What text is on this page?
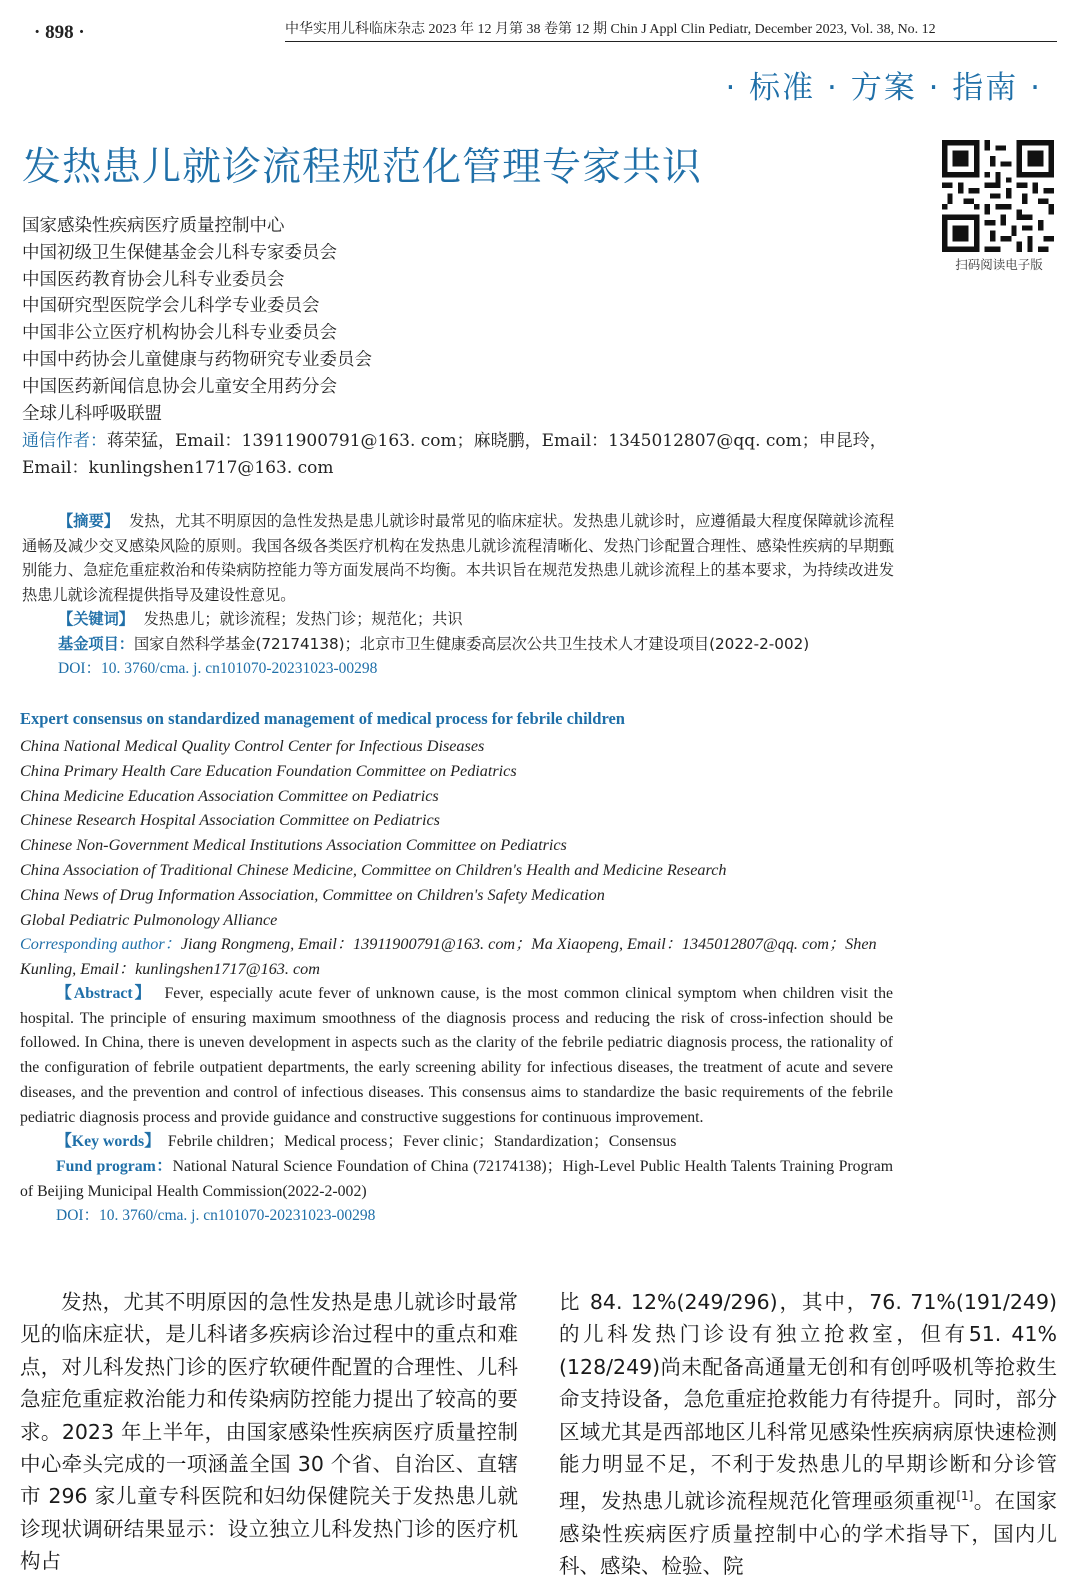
· 898 ·	中华实用儿科临床杂志 2023 年 12 月第 38 卷第 12 期 Chin J Appl Clin Pediatr, December 2023, Vol. 38, No. 12
· 标准 · 方案 · 指南 ·
发热患儿就诊流程规范化管理专家共识
扫码阅读电子版
国家感染性疾病医疗质量控制中心
中国初级卫生保健基金会儿科专家委员会
中国医药教育协会儿科专业委员会
中国研究型医院学会儿科学专业委员会
中国非公立医疗机构协会儿科专业委员会
中国中药协会儿童健康与药物研究专业委员会
中国医药新闻信息协会儿童安全用药分会
全球儿科呼吸联盟
通信作者：蒋荣猛，Email：13911900791@163. com；麻晓鹏，Email：1345012807@qq. com；申昆玲，Email：kunlingshen1717@163. com
【摘要】 发热，尤其不明原因的急性发热是患儿就诊时最常见的临床症状。发热患儿就诊时，应遵循最大程度保障就诊流程通畅及减少交叉感染风险的原则。我国各级各类医疗机构在发热患儿就诊流程清晰化、发热门诊配置合理性、感染性疾病的早期甄别能力、急症危重症救治和传染病防控能力等方面发展尚不均衡。本共识旨在规范发热患儿就诊流程上的基本要求，为持续改进发热患儿就诊流程提供指导及建设性意见。
【关键词】 发热患儿；就诊流程；发热门诊；规范化；共识
基金项目：国家自然科学基金(72174138)；北京市卫生健康委高层次公共卫生技术人才建设项目(2022-2-002)
DOI：10. 3760/cma. j. cn101070-20231023-00298
Expert consensus on standardized management of medical process for febrile children
China National Medical Quality Control Center for Infectious Diseases
China Primary Health Care Education Foundation Committee on Pediatrics
China Medicine Education Association Committee on Pediatrics
Chinese Research Hospital Association Committee on Pediatrics
Chinese Non-Government Medical Institutions Association Committee on Pediatrics
China Association of Traditional Chinese Medicine, Committee on Children's Health and Medicine Research
China News of Drug Information Association, Committee on Children's Safety Medication
Global Pediatric Pulmonology Alliance
Corresponding author：Jiang Rongmeng, Email：13911900791@163. com；Ma Xiaopeng, Email：1345012807@qq. com；Shen Kunling, Email：kunlingshen1717@163. com
【Abstract】 Fever, especially acute fever of unknown cause, is the most common clinical symptom when children visit the hospital. The principle of ensuring maximum smoothness of the diagnosis process and reducing the risk of cross-infection should be followed. In China, there is uneven development in aspects such as the clarity of the febrile pediatric diagnosis process, the rationality of the configuration of febrile outpatient departments, the early screening ability for infectious diseases, the treatment of acute and severe diseases, and the prevention and control of infectious diseases. This consensus aims to standardize the basic requirements of the febrile pediatric diagnosis process and provide guidance and constructive suggestions for continuous improvement.
【Key words】 Febrile children；Medical process；Fever clinic；Standardization；Consensus
Fund program：National Natural Science Foundation of China (72174138)；High-Level Public Health Talents Training Program of Beijing Municipal Health Commission(2022-2-002)
DOI：10. 3760/cma. j. cn101070-20231023-00298
发热，尤其不明原因的急性发热是患儿就诊时最常见的临床症状，是儿科诸多疾病诊治过程中的重点和难点，对儿科发热门诊的医疗软硬件配置的合理性、儿科急症危重症救治能力和传染病防控能力提出了较高的要求。2023 年上半年，由国家感染性疾病医疗质量控制中心牵头完成的一项涵盖全国 30 个省、自治区、直辖市 296 家儿童专科医院和妇幼保健院关于发热患儿就诊现状调研结果显示：设立独立儿科发热门诊的医疗机构占
比 84. 12%(249/296)，其中，76. 71%(191/249)的儿科发热门诊设有独立抢救室，但有51. 41%(128/249)尚未配备高通量无创和有创呼吸机等抢救生命支持设备，急危重症抢救能力有待提升。同时，部分区域尤其是西部地区儿科常见感染性疾病病原快速检测能力明显不足，不利于发热患儿的早期诊断和分诊管理，发热患儿就诊流程规范化管理亟须重视[1]。在国家感染性疾病医疗质量控制中心的学术指导下，国内儿科、感染、检验、院
